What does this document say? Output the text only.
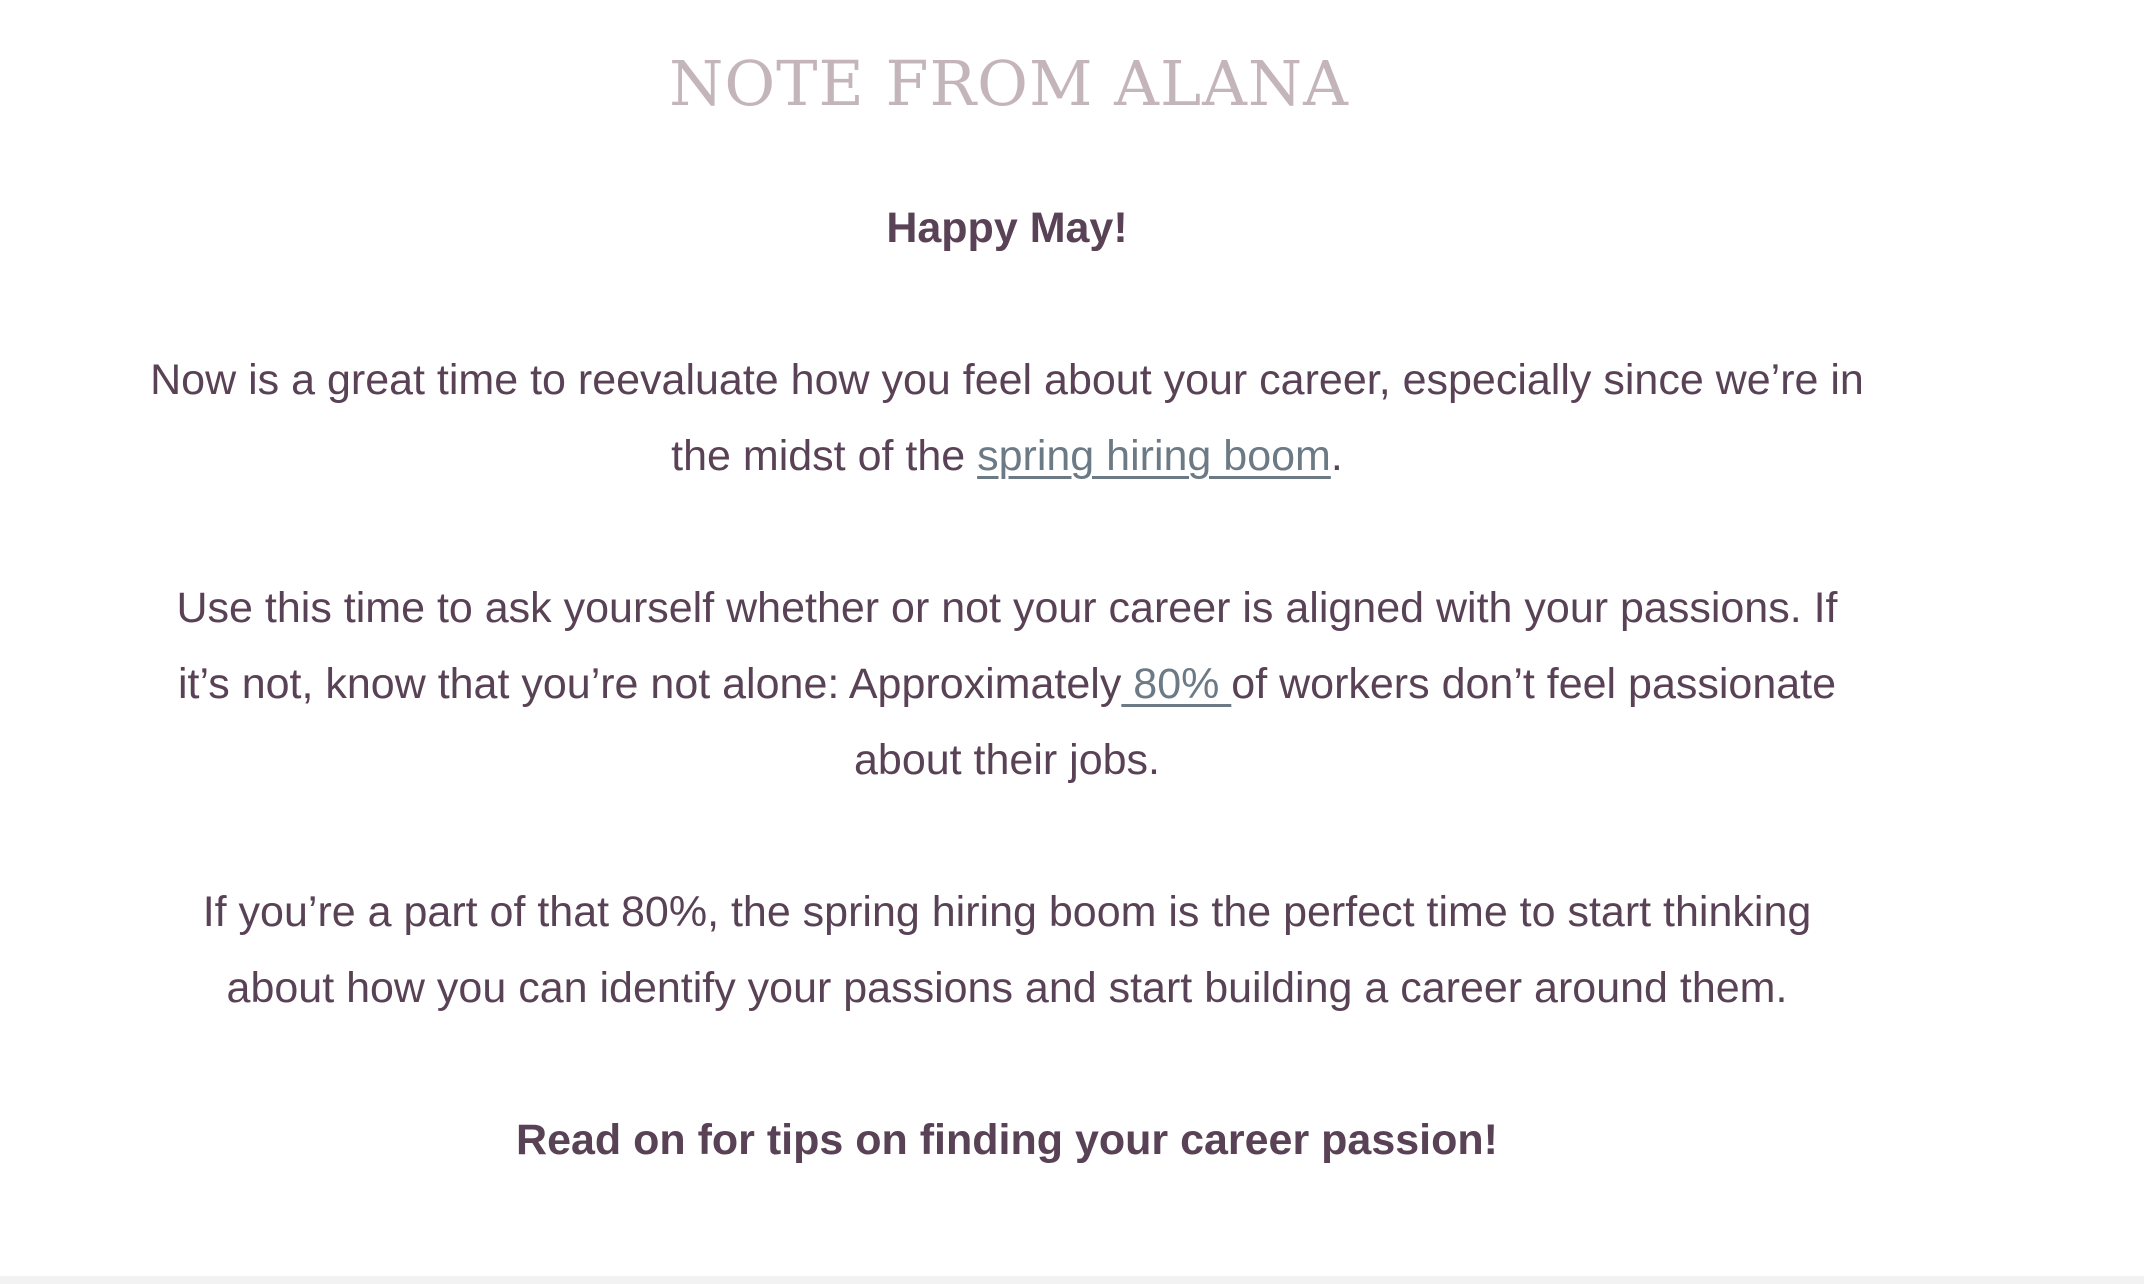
NOTE FROM ALANA

Happy May!

Now is a great time to reevaluate how you feel about your career, especially since we’re in the midst of the spring hiring boom.

Use this time to ask yourself whether or not your career is aligned with your passions. If it’s not, know that you’re not alone: Approximately 80% of workers don’t feel passionate about their jobs.

If you’re a part of that 80%, the spring hiring boom is the perfect time to start thinking about how you can identify your passions and start building a career around them.

Read on for tips on finding your career passion!
